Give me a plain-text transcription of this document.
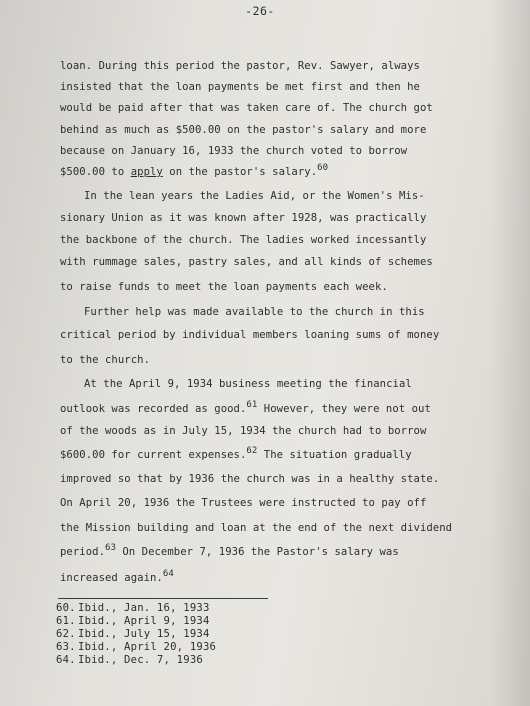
-26-
loan. During this period the pastor, Rev. Sawyer, always
insisted that the loan payments be met first and then he
would be paid after that was taken care of. The church got
behind as much as $500.00 on the pastor's salary and more
because on January 16, 1933 the church voted to borrow
$500.00 to apply on the pastor's salary.$^{60}$
In the lean years the Ladies Aid, or the Women's Mis-
sionary Union as it was known after 1928, was practically
the backbone of the church. The ladies worked incessantly
with rummage sales, pastry sales, and all kinds of schemes
to raise funds to meet the loan payments each week.
Further help was made available to the church in this
critical period by individual members loaning sums of money
to the church.
At the April 9, 1934 business meeting the financial
outlook was recorded as good.$^{61}$ However, they were not out
of the woods as in July 15, 1934 the church had to borrow
$600.00 for current expenses.$^{62}$ The situation gradually
improved so that by 1936 the church was in a healthy state.
On April 20, 1936 the Trustees were instructed to pay off
the Mission building and loan at the end of the next dividend
period.$^{63}$ On December 7, 1936 the Pastor's salary was
increased again.$^{64}$
60. Ibid., Jan. 16, 1933
61. Ibid., April 9, 1934
62. Ibid., July 15, 1934
63. Ibid., April 20, 1936
64. Ibid., Dec. 7, 1936
